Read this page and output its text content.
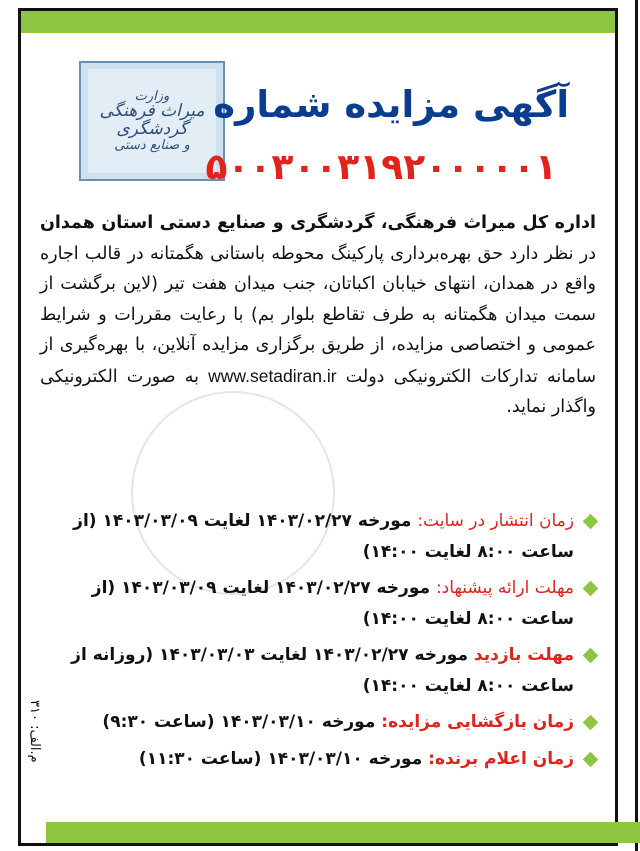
وزارت
میراث فرهنگی
گردشگری
و صنایع دستی
آگهی مزایده شماره
۵۰۰۳۰۰۳۱۹۲۰۰۰۰۰۱
اداره کل میراث فرهنگی، گردشگری و صنایع دستی استان همدان در نظر دارد حق بهره‌برداری پارکینگ محوطه باستانی هگمتانه در قالب اجاره واقع در همدان، انتهای خیابان اکباتان، جنب میدان هفت تیر (لاین برگشت از سمت میدان هگمتانه به طرف تقاطع بلوار بم) با رعایت مقررات و شرایط عمومی و اختصاصی مزایده، از طریق برگزاری مزایده آنلاین، با بهره‌گیری از سامانه تدارکات الکترونیکی دولت www.setadiran.ir به صورت الکترونیکی واگذار نماید.
زمان انتشار در سایت: مورخه ۱۴۰۳/۰۲/۲۷ لغایت ۱۴۰۳/۰۳/۰۹ (از ساعت ۸:۰۰ لغایت ۱۴:۰۰)
مهلت ارائه پیشنهاد: مورخه ۱۴۰۳/۰۲/۲۷ لغایت ۱۴۰۳/۰۳/۰۹ (از ساعت ۸:۰۰ لغایت ۱۴:۰۰)
مهلت بازدید مورخه ۱۴۰۳/۰۲/۲۷ لغایت ۱۴۰۳/۰۳/۰۳ (روزانه از ساعت ۸:۰۰ لغایت ۱۴:۰۰)
زمان بازگشایی مزایده: مورخه ۱۴۰۳/۰۳/۱۰ (ساعت ۹:۳۰)
زمان اعلام برنده: مورخه ۱۴۰۳/۰۳/۱۰ (ساعت ۱۱:۳۰)
م.الف: ۳۱۰
